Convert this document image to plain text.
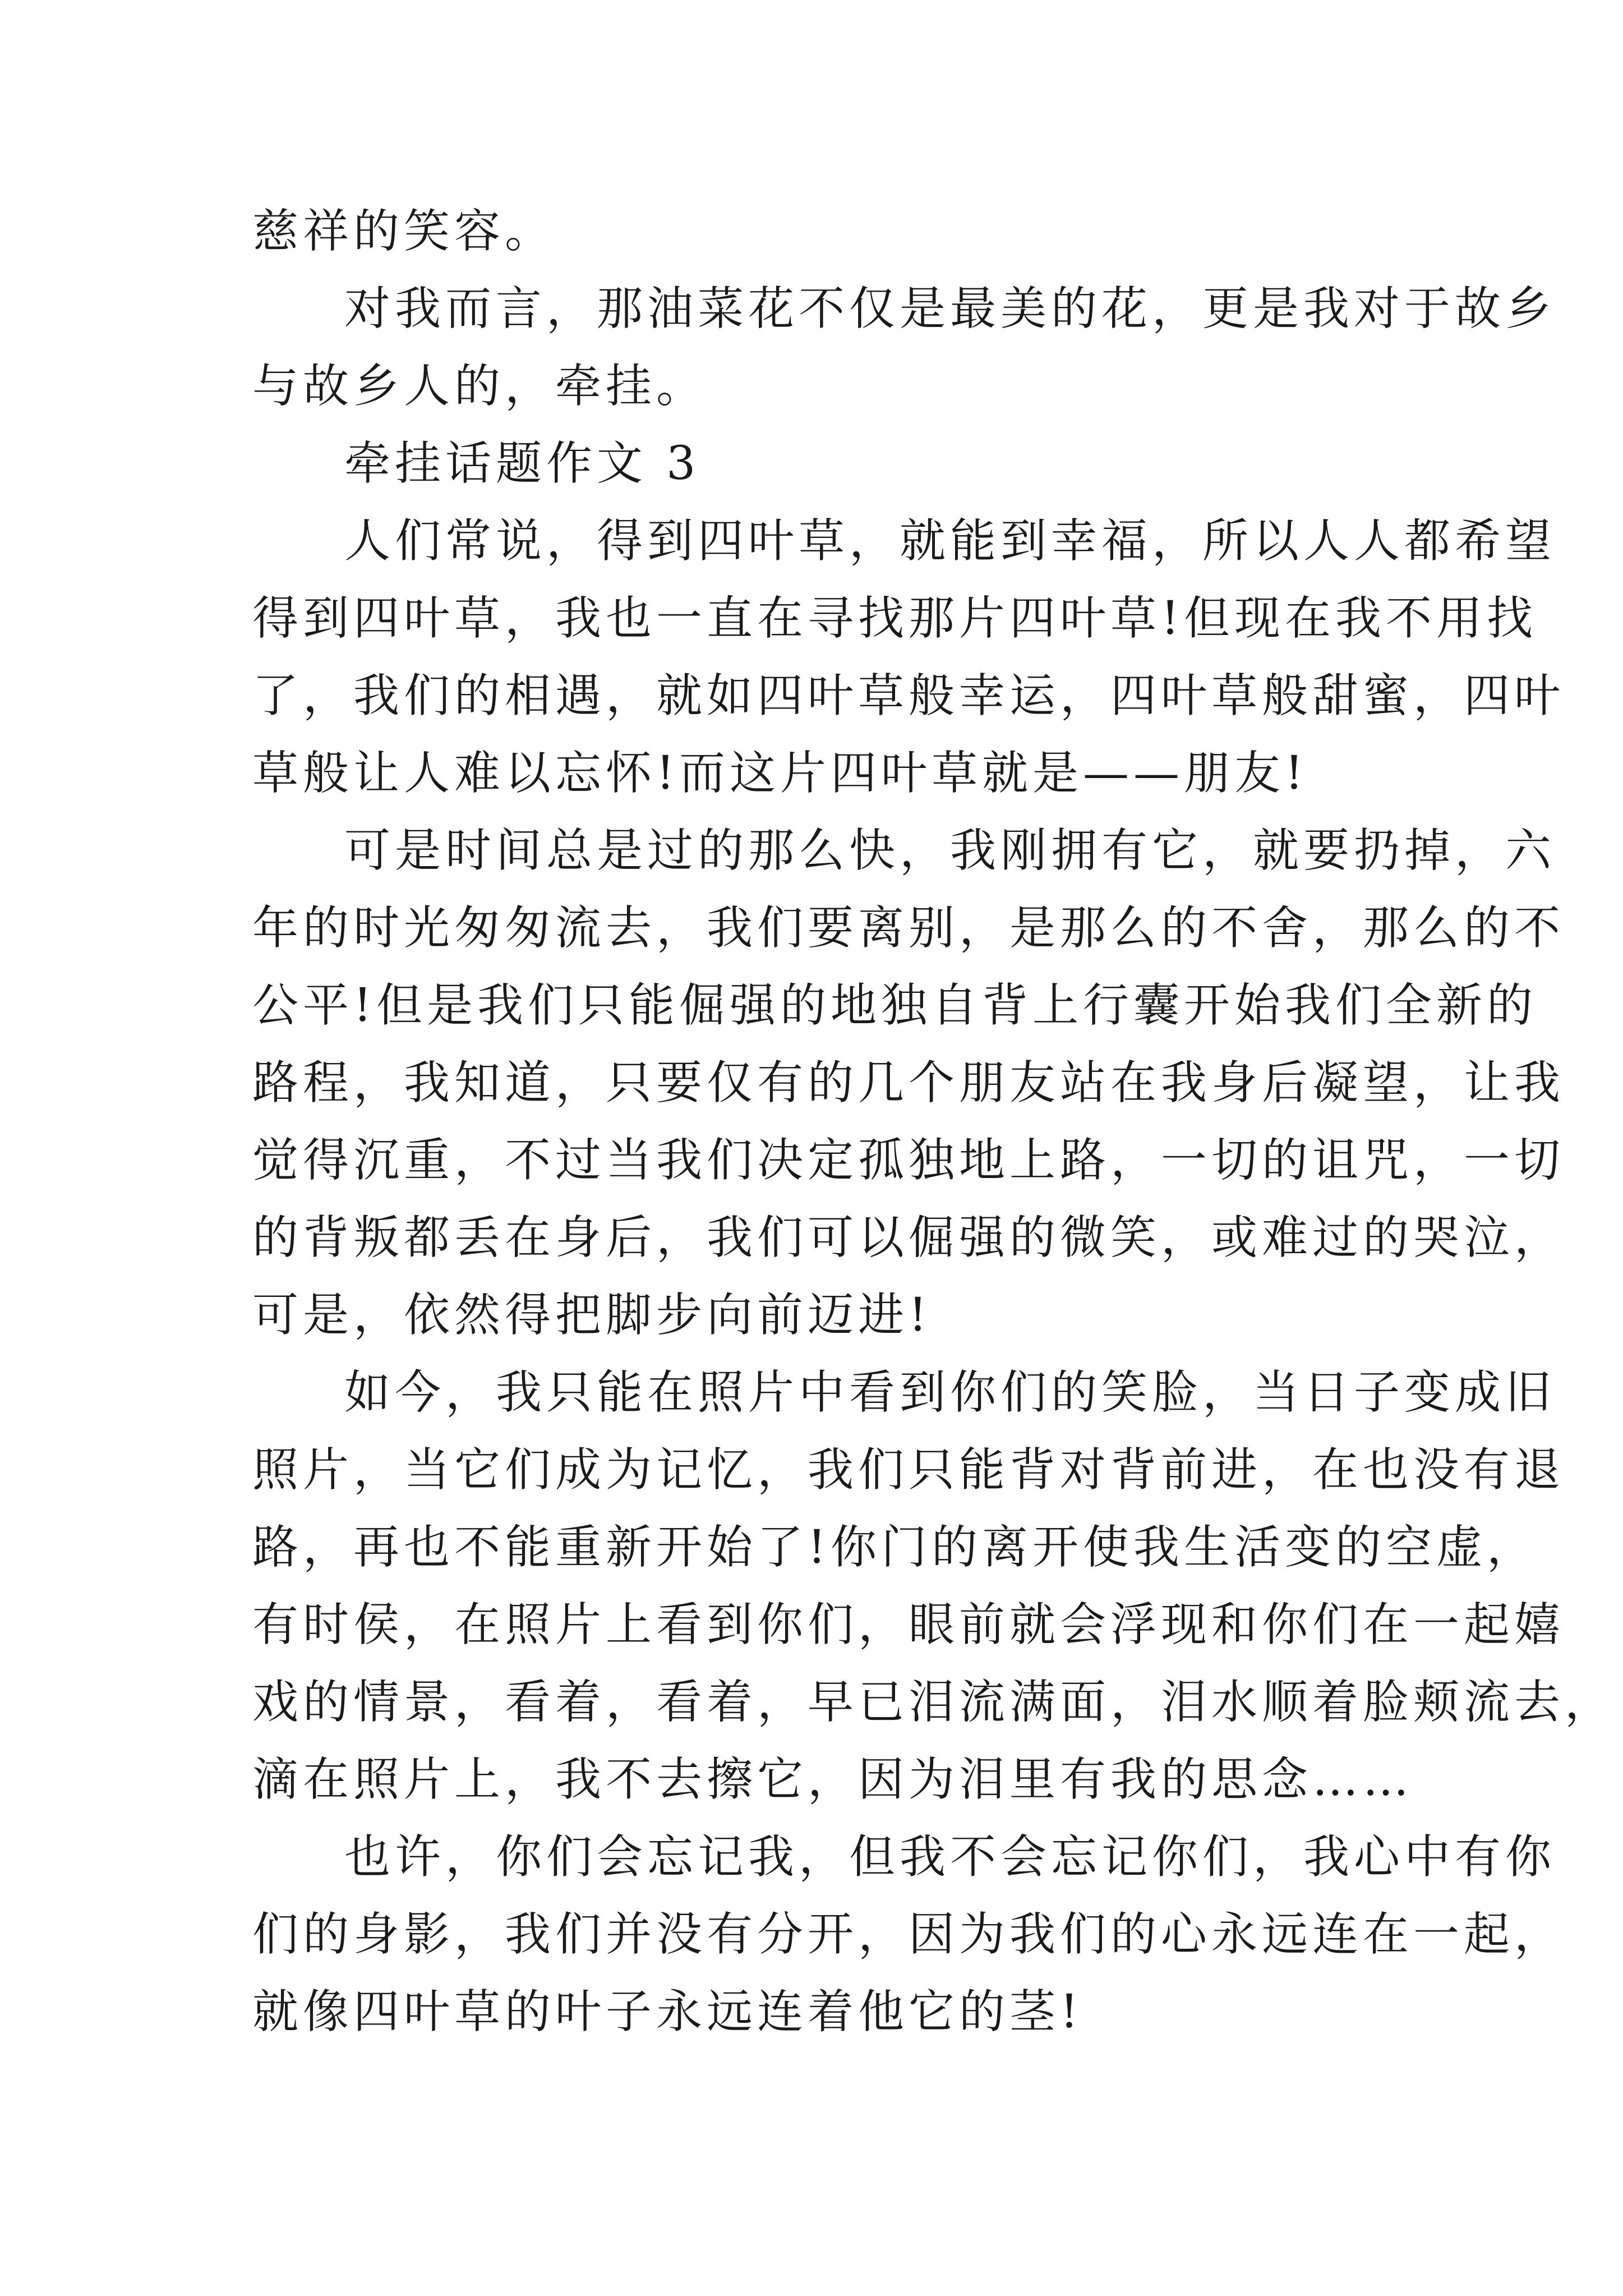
慈祥的笑容。
对我而言，那油菜花不仅是最美的花，更是我对于故乡
与故乡人的，牵挂。
牵挂话题作文 3
人们常说，得到四叶草，就能到幸福，所以人人都希望
得到四叶草，我也一直在寻找那片四叶草!但现在我不用找
了，我们的相遇，就如四叶草般幸运，四叶草般甜蜜，四叶
草般让人难以忘怀!而这片四叶草就是——朋友!
可是时间总是过的那么快，我刚拥有它，就要扔掉，六
年的时光匆匆流去，我们要离别，是那么的不舍，那么的不
公平!但是我们只能倔强的地独自背上行囊开始我们全新的
路程，我知道，只要仅有的几个朋友站在我身后凝望，让我
觉得沉重，不过当我们决定孤独地上路，一切的诅咒，一切
的背叛都丢在身后，我们可以倔强的微笑，或难过的哭泣，
可是，依然得把脚步向前迈进!
如今，我只能在照片中看到你们的笑脸，当日子变成旧
照片，当它们成为记忆，我们只能背对背前进，在也没有退
路，再也不能重新开始了!你门的离开使我生活变的空虚，
有时侯，在照片上看到你们，眼前就会浮现和你们在一起嬉
戏的情景，看着，看着，早已泪流满面，泪水顺着脸颊流去，
滴在照片上，我不去擦它，因为泪里有我的思念……
也许，你们会忘记我，但我不会忘记你们，我心中有你
们的身影，我们并没有分开，因为我们的心永远连在一起，
就像四叶草的叶子永远连着他它的茎!
